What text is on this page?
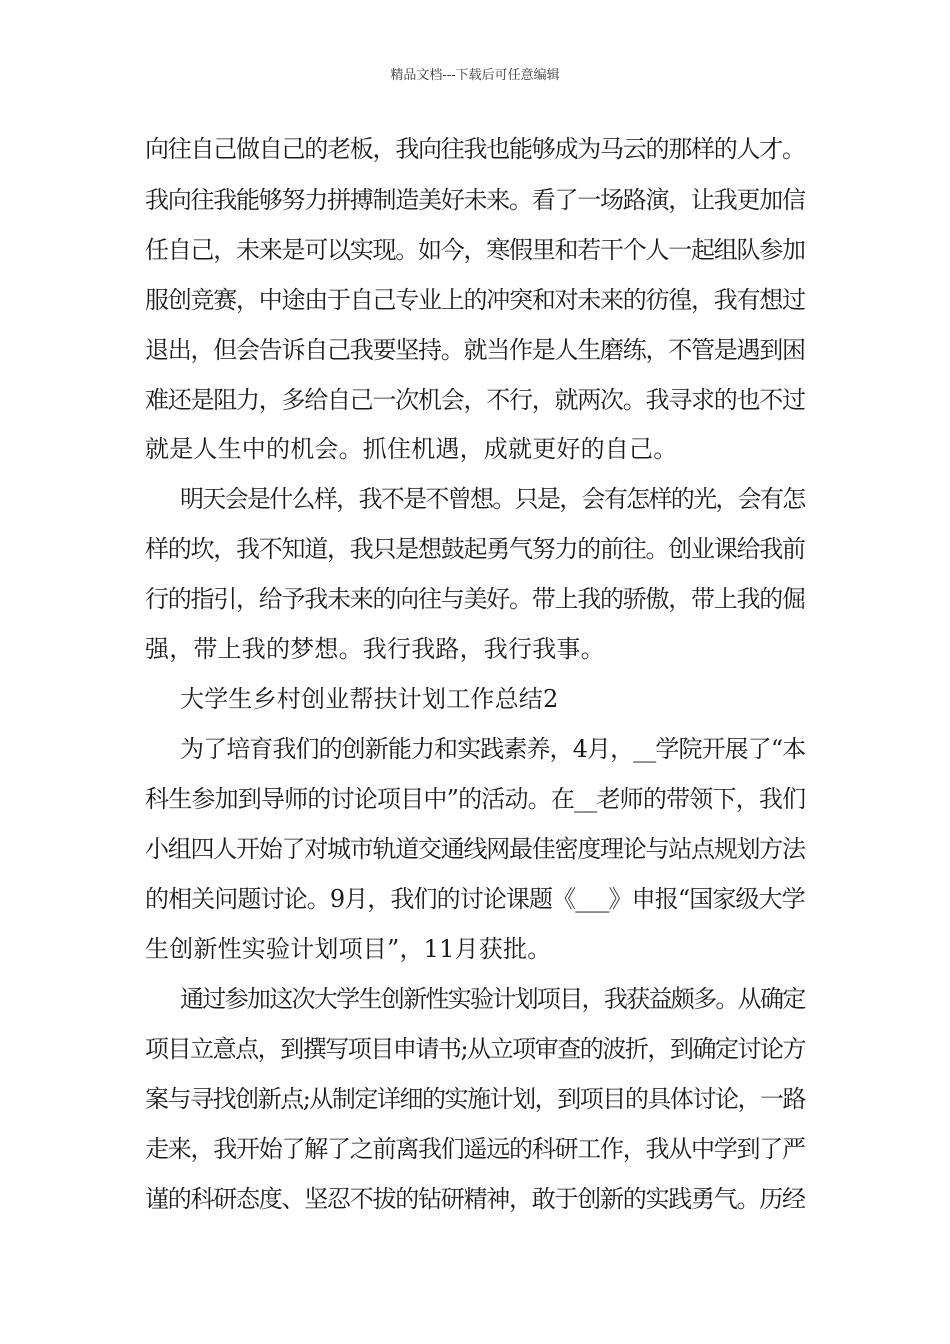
精品文档---下载后可任意编辑
向往自己做自己的老板，我向往我也能够成为马云的那样的人才。
我向往我能够努力拼搏制造美好未来。看了一场路演，让我更加信
任自己，未来是可以实现。如今，寒假里和若干个人一起组队参加
服创竞赛，中途由于自己专业上的冲突和对未来的彷徨，我有想过
退出，但会告诉自己我要坚持。就当作是人生磨练，不管是遇到困
难还是阻力，多给自己一次机会，不行，就两次。我寻求的也不过
就是人生中的机会。抓住机遇，成就更好的自己。
明天会是什么样，我不是不曾想。只是，会有怎样的光，会有怎
样的坎，我不知道，我只是想鼓起勇气努力的前往。创业课给我前
行的指引，给予我未来的向往与美好。带上我的骄傲，带上我的倔
强，带上我的梦想。我行我路，我行我事。
大学生乡村创业帮扶计划工作总结2
为了培育我们的创新能力和实践素养，4月，__学院开展了“本
科生参加到导师的讨论项目中”的活动。在__老师的带领下，我们
小组四人开始了对城市轨道交通线网最佳密度理论与站点规划方法
的相关问题讨论。9月，我们的讨论课题《___》申报“国家级大学
生创新性实验计划项目”，11月获批。
通过参加这次大学生创新性实验计划项目，我获益颇多。从确定
项目立意点，到撰写项目申请书;从立项审查的波折，到确定讨论方
案与寻找创新点;从制定详细的实施计划，到项目的具体讨论，一路
走来，我开始了解了之前离我们遥远的科研工作，我从中学到了严
谨的科研态度、坚忍不拔的钻研精神，敢于创新的实践勇气。历经
